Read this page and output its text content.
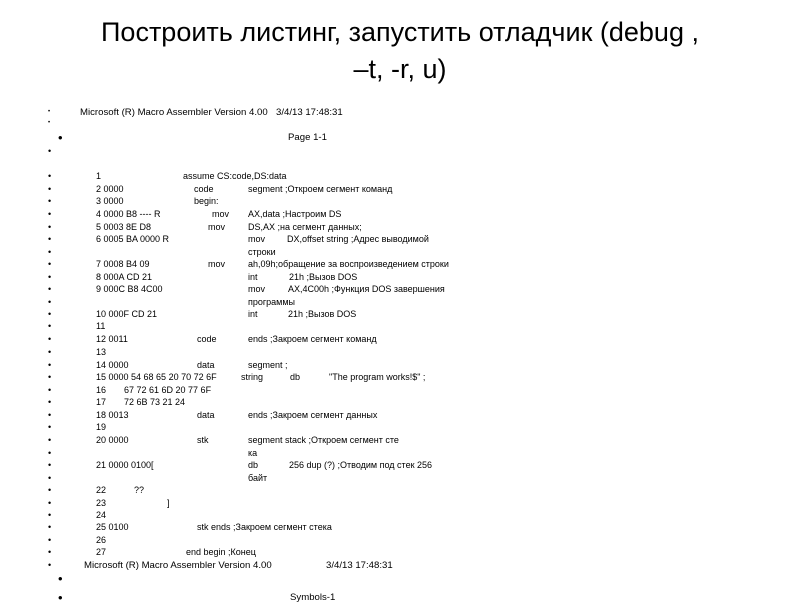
Построить листинг, запустить отладчик (debug ,
–t, -r, u)
•	Microsoft (R) Macro Assembler Version 4.00 3/4/13 17:48:31
•
•	Page 1-1
•
•	1	assume CS:code,DS:data
•	2 0000	code	segment ;Откроем сегмент команд
•	3 0000	begin:
•	4 0000 B8 ---- R	mov AX,data ;Настроим DS
•	5 0003 8E D8	mov	DS,AX ;на сегмент данных;
•	6 0005 BA 0000 R	mov DX,offset string ;Адрес выводимой
•	строки
•	7 0008 B4 09	mov	ah,09h;обращение за воспроизведением строки
•	8 000A CD 21	int	21h ;Вызов DOS
•	9 000C B8 4C00	mov	AX,4C00h ;Функция DOS завершения
•	программы
•	10 000F CD 21	int	21h ;Вызов DOS
•	11
•	12 0011	code	ends ;Закроем сегмент команд
•	13
•	14 0000	data	segment ;
•	15 0000 54 68 65 20 70 72 6F	string	db	"The program works!$" ;
•	16 67 72 61 6D 20 77 6F
•	17 72 6B 73 21 24
•	18 0013	data	ends ;Закроем сегмент данных
•	19
•	20 0000	stk	segment stack ;Откроем сегмент сте
•	ка
•	21 0000 0100[	db	256 dup (?) ;Отводим под стек 256
•	байт
•	22	??
•	23	]
•	24
•	25 0100	stk ends ;Закроем сегмент стека
•	26
•	27	end begin ;Конец
•	Microsoft (R) Macro Assembler Version 4.00	3/4/13 17:48:31
•
•	Symbols-1
